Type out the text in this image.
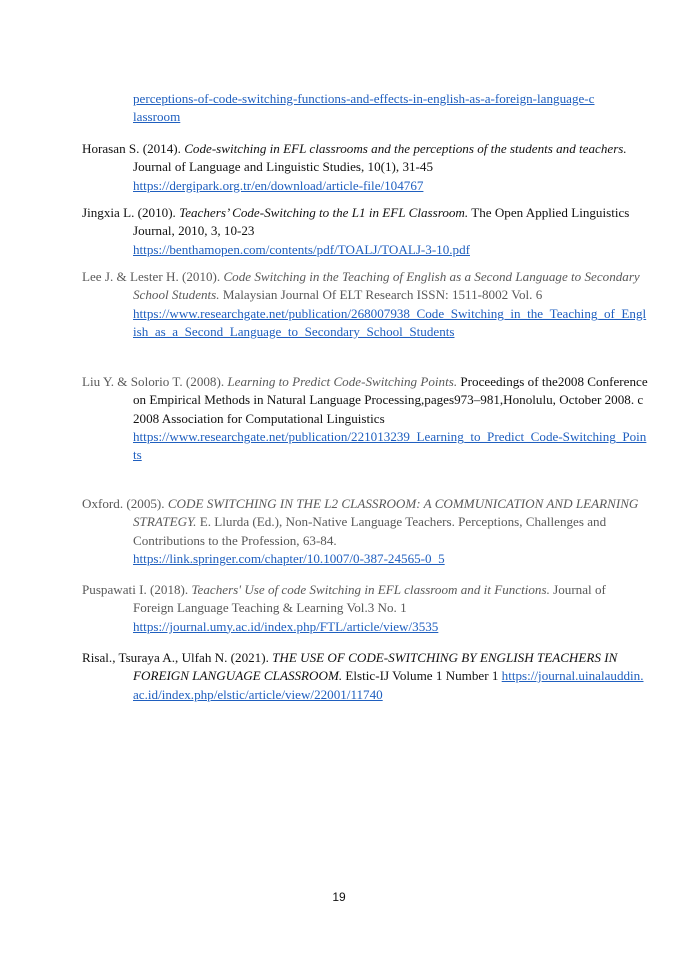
perceptions-of-code-switching-functions-and-effects-in-english-as-a-foreign-language-classroom

Horasan S. (2014). Code-switching in EFL classrooms and the perceptions of the students and teachers. Journal of Language and Linguistic Studies, 10(1), 31-45
https://dergipark.org.tr/en/download/article-file/104767

Jingxia L. (2010). Teachers’ Code-Switching to the L1 in EFL Classroom. The Open Applied Linguistics Journal, 2010, 3, 10-23
https://benthamopen.com/contents/pdf/TOALJ/TOALJ-3-10.pdf

Lee J. & Lester H. (2010). Code Switching in the Teaching of English as a Second Language to Secondary School Students. Malaysian Journal Of ELT Research ISSN: 1511-8002 Vol. 6
https://www.researchgate.net/publication/268007938_Code_Switching_in_the_Teaching_of_English_as_a_Second_Language_to_Secondary_School_Students

Liu Y. & Solorio T. (2008). Learning to Predict Code-Switching Points. Proceedings of the2008 Conference on Empirical Methods in Natural Language Processing,pages973–981,Honolulu, October 2008. c 2008 Association for Computational Linguistics
https://www.researchgate.net/publication/221013239_Learning_to_Predict_Code-Switching_Points

Oxford. (2005). CODE SWITCHING IN THE L2 CLASSROOM: A COMMUNICATION AND LEARNING STRATEGY. E. Llurda (Ed.), Non-Native Language Teachers. Perceptions, Challenges and Contributions to the Profession, 63-84.
https://link.springer.com/chapter/10.1007/0-387-24565-0_5

Puspawati I. (2018). Teachers' Use of code Switching in EFL classroom and it Functions. Journal of Foreign Language Teaching & Learning Vol.3 No. 1
https://journal.umy.ac.id/index.php/FTL/article/view/3535

Risal., Tsuraya A., Ulfah N. (2021). THE USE OF CODE-SWITCHING BY ENGLISH TEACHERS IN FOREIGN LANGUAGE CLASSROOM. Elstic-IJ Volume 1 Number 1 https://journal.uinalauddin.ac.id/index.php/elstic/article/view/22001/11740

19
